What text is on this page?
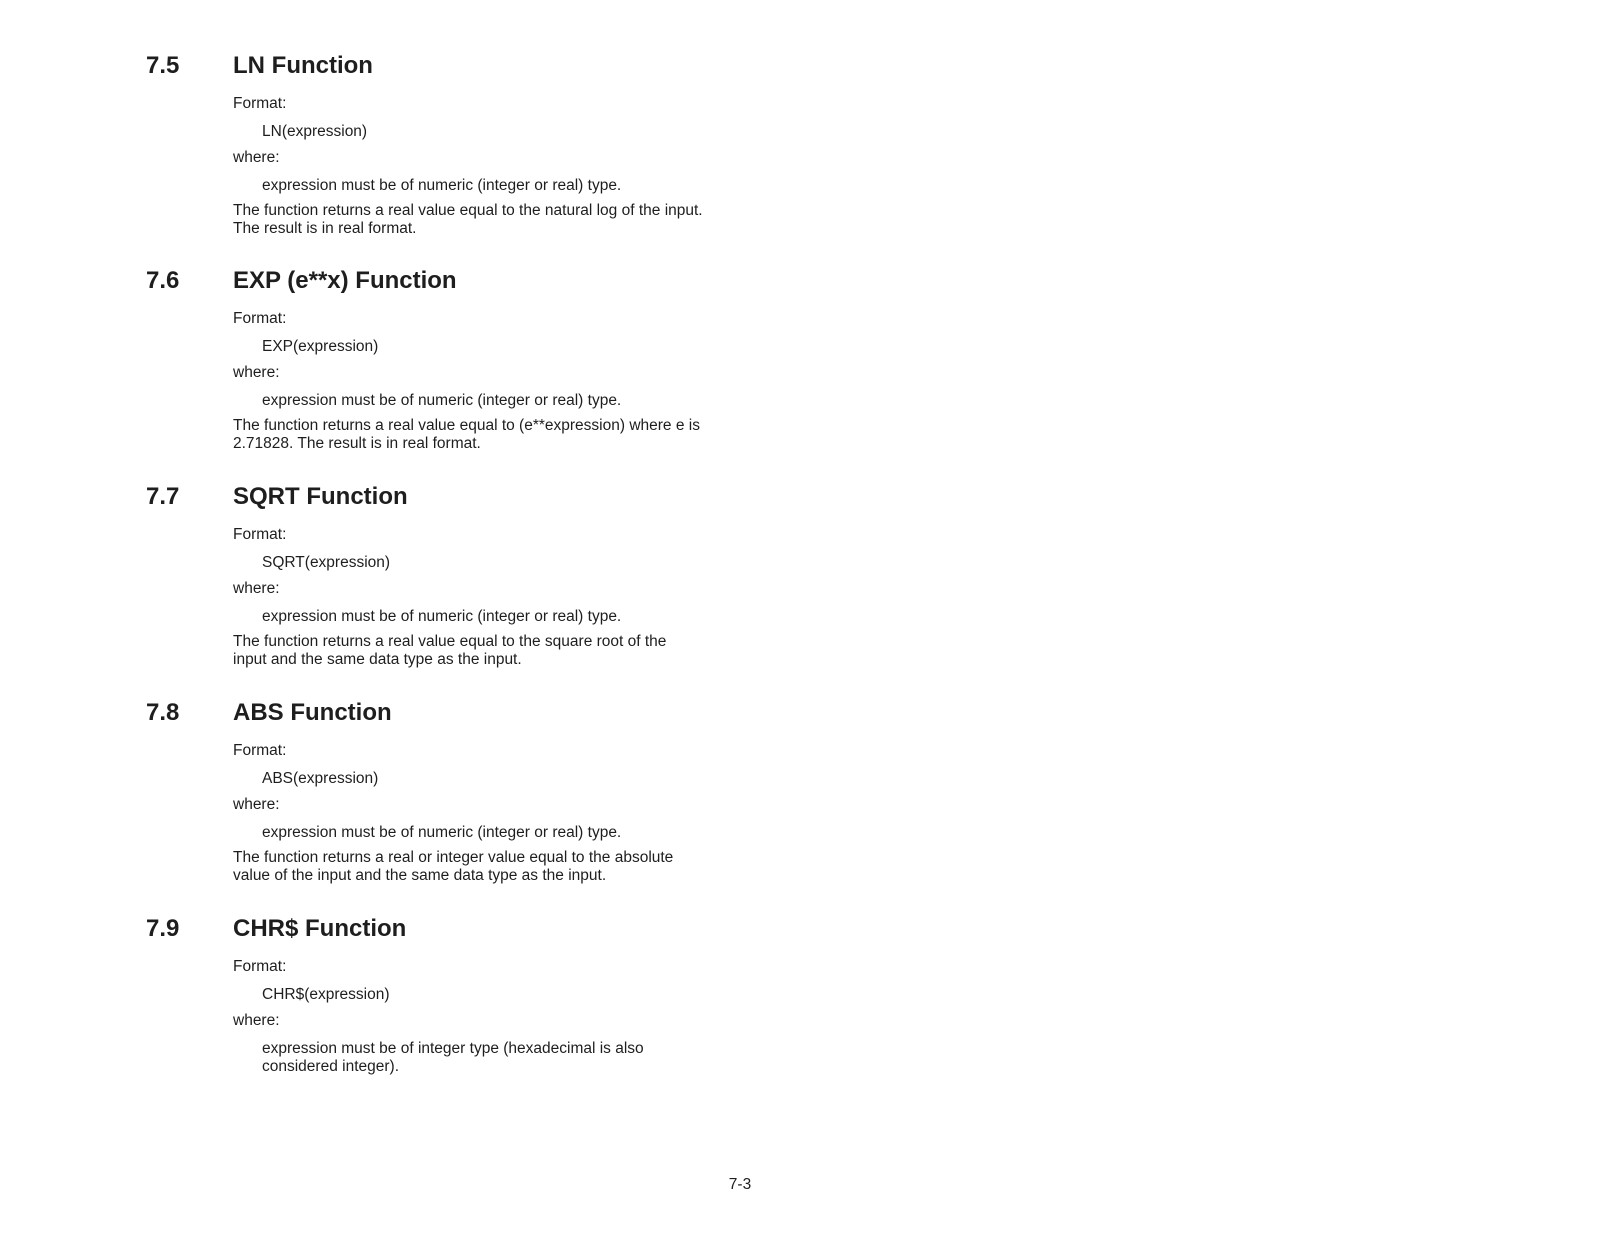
7.5 LN Function
Format:
LN(expression)
where:
expression must be of numeric (integer or real) type.
The function returns a real value equal to the natural log of the input.
The result is in real format.
7.6 EXP (e**x) Function
Format:
EXP(expression)
where:
expression must be of numeric (integer or real) type.
The function returns a real value equal to (e**expression) where e is
2.71828. The result is in real format.
7.7 SQRT Function
Format:
SQRT(expression)
where:
expression must be of numeric (integer or real) type.
The function returns a real value equal to the square root of the
input and the same data type as the input.
7.8 ABS Function
Format:
ABS(expression)
where:
expression must be of numeric (integer or real) type.
The function returns a real or integer value equal to the absolute
value of the input and the same data type as the input.
7.9 CHR$ Function
Format:
CHR$(expression)
where:
expression must be of integer type (hexadecimal is also
considered integer).
7-3
